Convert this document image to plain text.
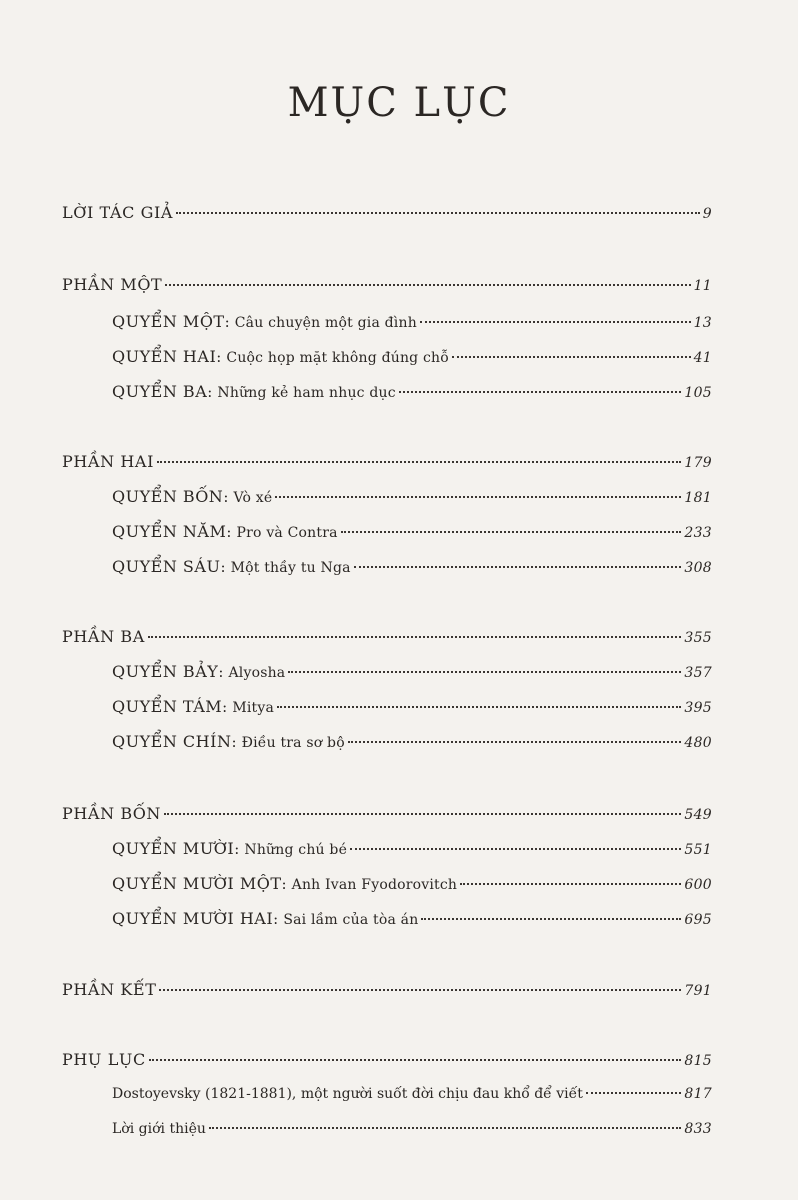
MỤC LỤC
LỜI TÁC GIẢ	9
PHẦN MỘT	11
QUYỂN MỘT: Câu chuyện một gia đình	13
QUYỂN HAI: Cuộc họp mặt không đúng chỗ	41
QUYỂN BA: Những kẻ ham nhục dục	105
PHẦN HAI	179
QUYỂN BỐN: Vò xé	181
QUYỂN NĂM: Pro và Contra	233
QUYỂN SÁU: Một thầy tu Nga	308
PHẦN BA	355
QUYỂN BẢY: Alyosha	357
QUYỂN TÁM: Mitya	395
QUYỂN CHÍN: Điều tra sơ bộ	480
PHẦN BỐN	549
QUYỂN MƯỜI: Những chú bé	551
QUYỂN MƯỜI MỘT: Anh Ivan Fyodorovitch	600
QUYỂN MƯỜI HAI: Sai lầm của tòa án	695
PHẦN KẾT	791
PHỤ LỤC	815
Dostoyevsky (1821-1881), một người suốt đời chịu đau khổ để viết	817
Lời giới thiệu	833
